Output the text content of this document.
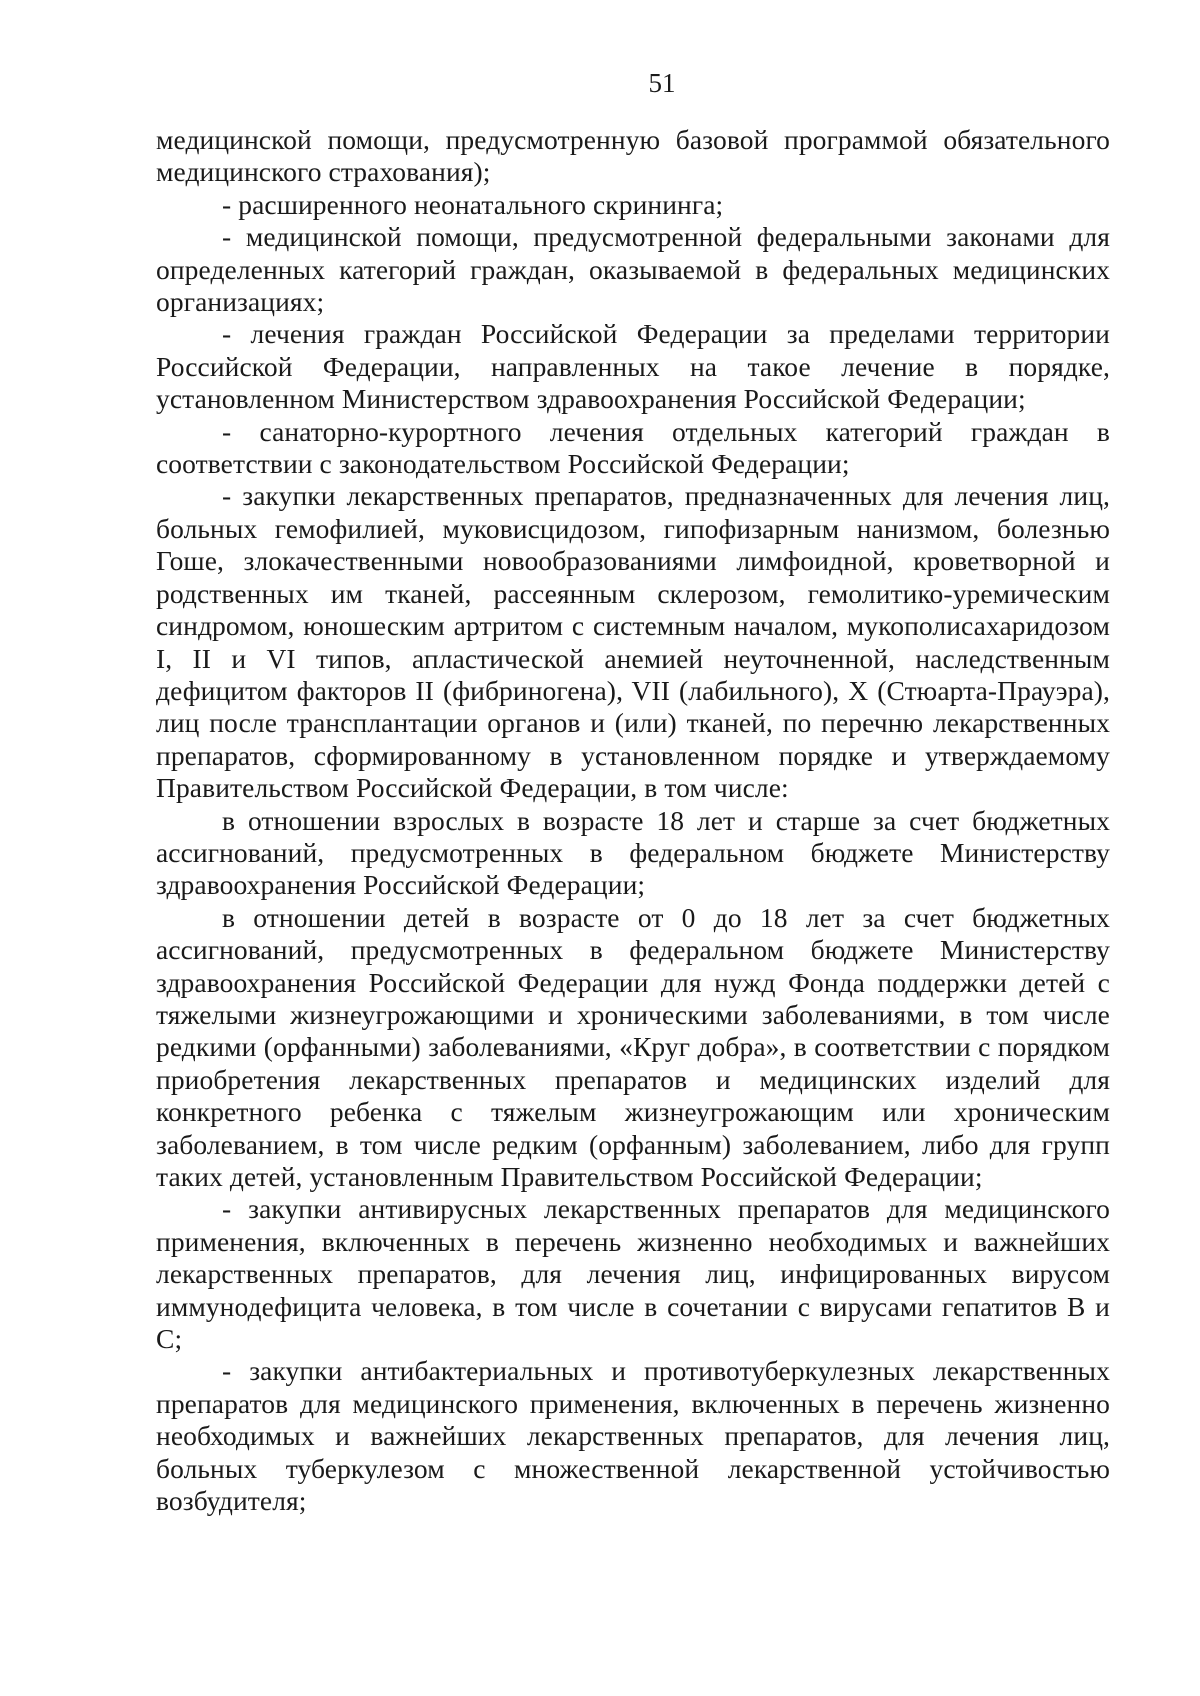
51

медицинской помощи, предусмотренную базовой программой обязательного медицинского страхования);

- расширенного неонатального скрининга;

- медицинской помощи, предусмотренной федеральными законами для определенных категорий граждан, оказываемой в федеральных медицинских организациях;

- лечения граждан Российской Федерации за пределами территории Российской Федерации, направленных на такое лечение в порядке, установленном Министерством здравоохранения Российской Федерации;

- санаторно-курортного лечения отдельных категорий граждан в соответствии с законодательством Российской Федерации;

- закупки лекарственных препаратов, предназначенных для лечения лиц, больных гемофилией, муковисцидозом, гипофизарным нанизмом, болезнью Гоше, злокачественными новообразованиями лимфоидной, кроветворной и родственных им тканей, рассеянным склерозом, гемолитико-уремическим синдромом, юношеским артритом с системным началом, мукополисахаридозом I, II и VI типов, апластической анемией неуточненной, наследственным дефицитом факторов II (фибриногена), VII (лабильного), X (Стюарта-Прауэра), лиц после трансплантации органов и (или) тканей, по перечню лекарственных препаратов, сформированному в установленном порядке и утверждаемому Правительством Российской Федерации, в том числе:

в отношении взрослых в возрасте 18 лет и старше за счет бюджетных ассигнований, предусмотренных в федеральном бюджете Министерству здравоохранения Российской Федерации;

в отношении детей в возрасте от 0 до 18 лет за счет бюджетных ассигнований, предусмотренных в федеральном бюджете Министерству здравоохранения Российской Федерации для нужд Фонда поддержки детей с тяжелыми жизнеугрожающими и хроническими заболеваниями, в том числе редкими (орфанными) заболеваниями, «Круг добра», в соответствии с порядком приобретения лекарственных препаратов и медицинских изделий для конкретного ребенка с тяжелым жизнеугрожающим или хроническим заболеванием, в том числе редким (орфанным) заболеванием, либо для групп таких детей, установленным Правительством Российской Федерации;

- закупки антивирусных лекарственных препаратов для медицинского применения, включенных в перечень жизненно необходимых и важнейших лекарственных препаратов, для лечения лиц, инфицированных вирусом иммунодефицита человека, в том числе в сочетании с вирусами гепатитов B и C;

- закупки антибактериальных и противотуберкулезных лекарственных препаратов для медицинского применения, включенных в перечень жизненно необходимых и важнейших лекарственных препаратов, для лечения лиц, больных туберкулезом с множественной лекарственной устойчивостью возбудителя;
